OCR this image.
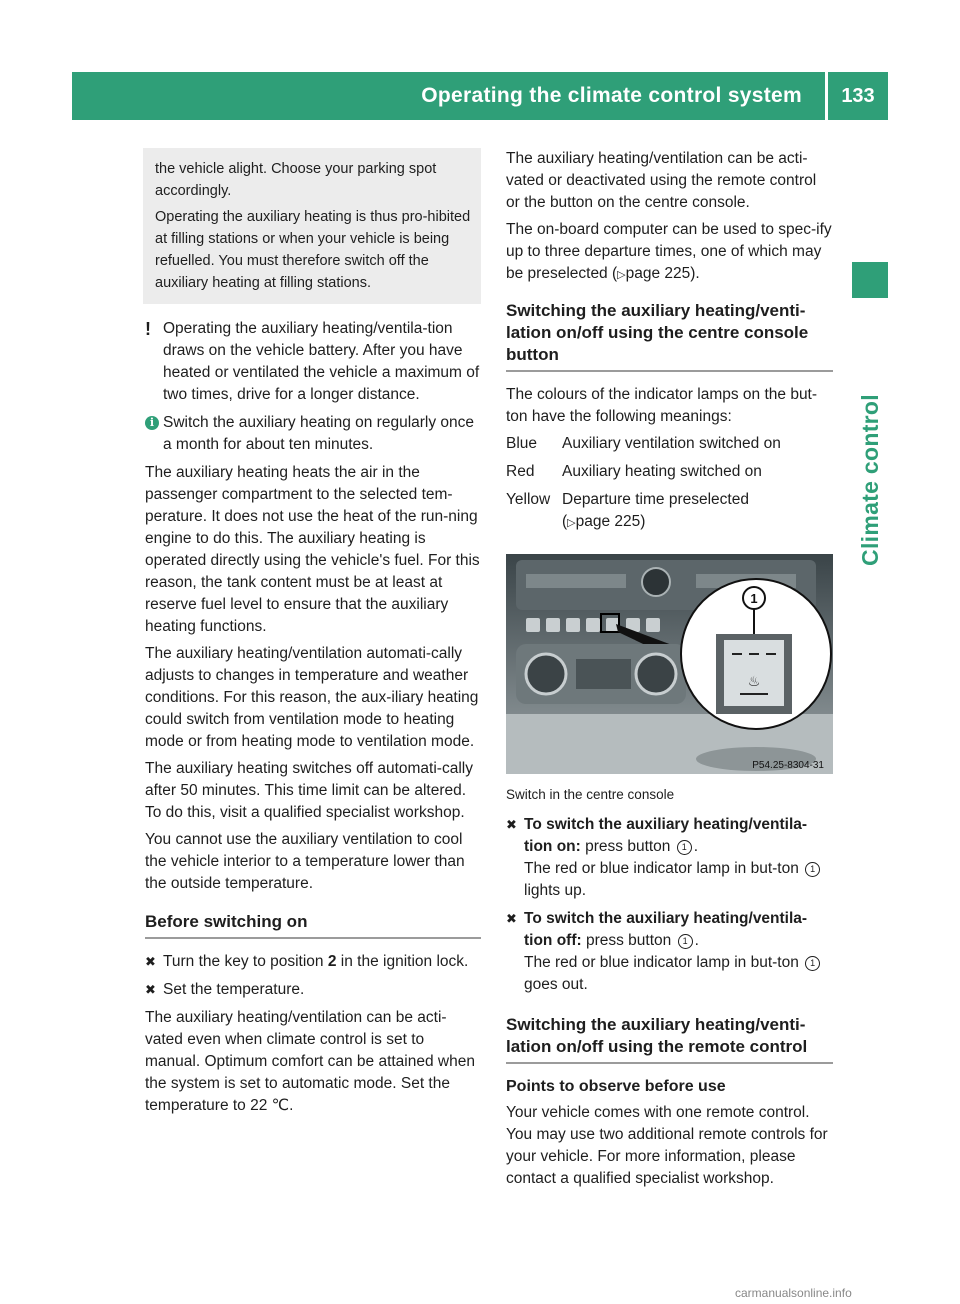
Operating the climate control system	133
Climate control

the vehicle alight. Choose your parking spot accordingly.

Operating the auxiliary heating is thus pro-hibited at filling stations or when your vehicle is being refuelled. You must therefore switch off the auxiliary heating at filling stations.

! Operating the auxiliary heating/ventila-tion draws on the vehicle battery. After you have heated or ventilated the vehicle a maximum of two times, drive for a longer distance.
i Switch the auxiliary heating on regularly once a month for about ten minutes.

The auxiliary heating heats the air in the passenger compartment to the selected tem-perature. It does not use the heat of the run-ning engine to do this. The auxiliary heating is operated directly using the vehicle's fuel. For this reason, the tank content must be at least at reserve fuel level to ensure that the auxiliary heating functions.

The auxiliary heating/ventilation automati-cally adjusts to changes in temperature and weather conditions. For this reason, the aux-iliary heating could switch from ventilation mode to heating mode or from heating mode to ventilation mode.

The auxiliary heating switches off automati-cally after 50 minutes. This time limit can be altered. To do this, visit a qualified specialist workshop.

You cannot use the auxiliary ventilation to cool the vehicle interior to a temperature lower than the outside temperature.

Before switching on
✖ Turn the key to position 2 in the ignition lock.
✖ Set the temperature.

The auxiliary heating/ventilation can be acti-vated even when climate control is set to manual. Optimum comfort can be attained when the system is set to automatic mode. Set the temperature to 22 ℃.

The auxiliary heating/ventilation can be acti-vated or deactivated using the remote control or the button on the centre console.

The on-board computer can be used to spec-ify up to three departure times, one of which may be preselected (▷page 225).

Switching the auxiliary heating/venti-lation on/off using the centre console button

The colours of the indicator lamps on the but-ton have the following meanings:

Blue	Auxiliary ventilation switched on
Red	Auxiliary heating switched on
Yellow	Departure time preselected
(▷page 225)
1
♨
P54.25-8304-31
Switch in the centre console
✖ To switch the auxiliary heating/ventila-tion on: press button 1 .
The red or blue indicator lamp in but-ton 1 lights up.
✖ To switch the auxiliary heating/ventila-tion off: press button 1 .
The red or blue indicator lamp in but-ton 1 goes out.
Switching the auxiliary heating/venti-lation on/off using the remote control
Points to observe before use

Your vehicle comes with one remote control. You may use two additional remote controls for your vehicle. For more information, please contact a qualified specialist workshop.

carmanualsonline.info
